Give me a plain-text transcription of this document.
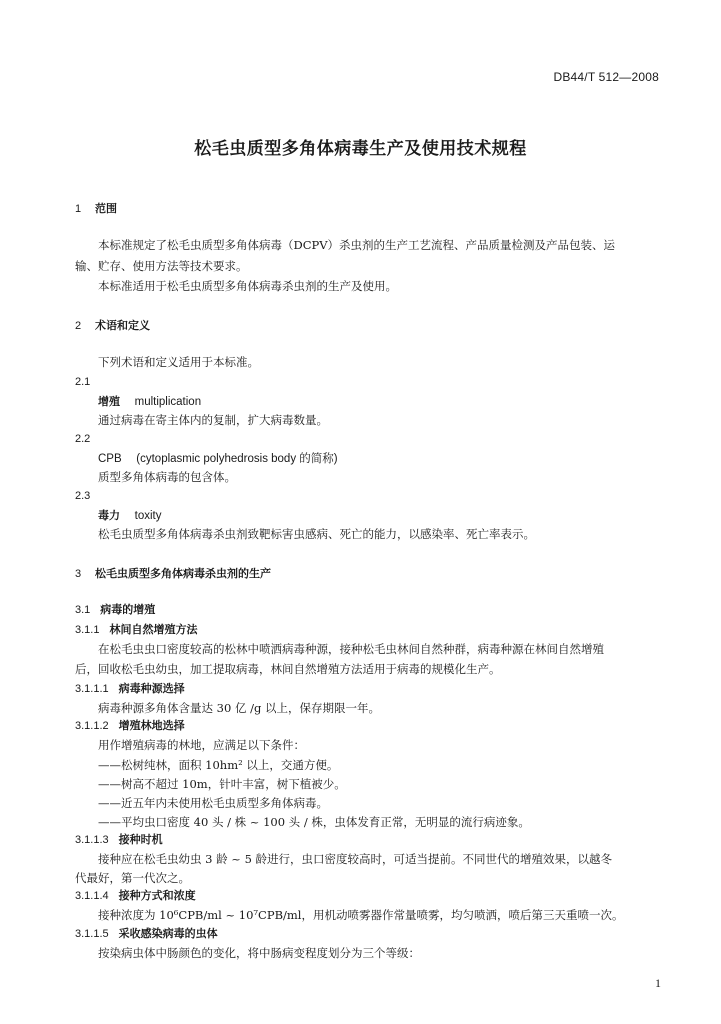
DB44/T 512—2008
松毛虫质型多角体病毒生产及使用技术规程
1 范围
本标准规定了松毛虫质型多角体病毒（DCPV）杀虫剂的生产工艺流程、产品质量检测及产品包装、运
输、贮存、使用方法等技术要求。
本标准适用于松毛虫质型多角体病毒杀虫剂的生产及使用。
2 术语和定义
下列术语和定义适用于本标准。
2.1
增殖 multiplication
通过病毒在寄主体内的复制，扩大病毒数量。
2.2
CPB (cytoplasmic polyhedrosis body 的简称)
质型多角体病毒的包含体。
2.3
毒力 toxity
松毛虫质型多角体病毒杀虫剂致靶标害虫感病、死亡的能力，以感染率、死亡率表示。
3 松毛虫质型多角体病毒杀虫剂的生产
3.1 病毒的增殖
3.1.1 林间自然增殖方法
在松毛虫虫口密度较高的松林中喷洒病毒种源，接种松毛虫林间自然种群，病毒种源在林间自然增殖
后，回收松毛虫幼虫，加工提取病毒，林间自然增殖方法适用于病毒的规模化生产。
3.1.1.1 病毒种源选择
病毒种源多角体含量达 30 亿 /g 以上，保存期限一年。
3.1.1.2 增殖林地选择
用作增殖病毒的林地，应满足以下条件：
——松树纯林，面积 10hm² 以上，交通方便。
——树高不超过 10m，针叶丰富，树下植被少。
——近五年内未使用松毛虫质型多角体病毒。
——平均虫口密度 40 头 / 株 ~ 100 头 / 株，虫体发育正常，无明显的流行病迹象。
3.1.1.3 接种时机
接种应在松毛虫幼虫 3 龄 ~ 5 龄进行，虫口密度较高时，可适当提前。不同世代的增殖效果，以越冬
代最好，第一代次之。
3.1.1.4 接种方式和浓度
接种浓度为 10⁶CPB/ml ~ 10⁷CPB/ml，用机动喷雾器作常量喷雾，均匀喷洒，喷后第三天重喷一次。
3.1.1.5 采收感染病毒的虫体
按染病虫体中肠颜色的变化，将中肠病变程度划分为三个等级：
1
